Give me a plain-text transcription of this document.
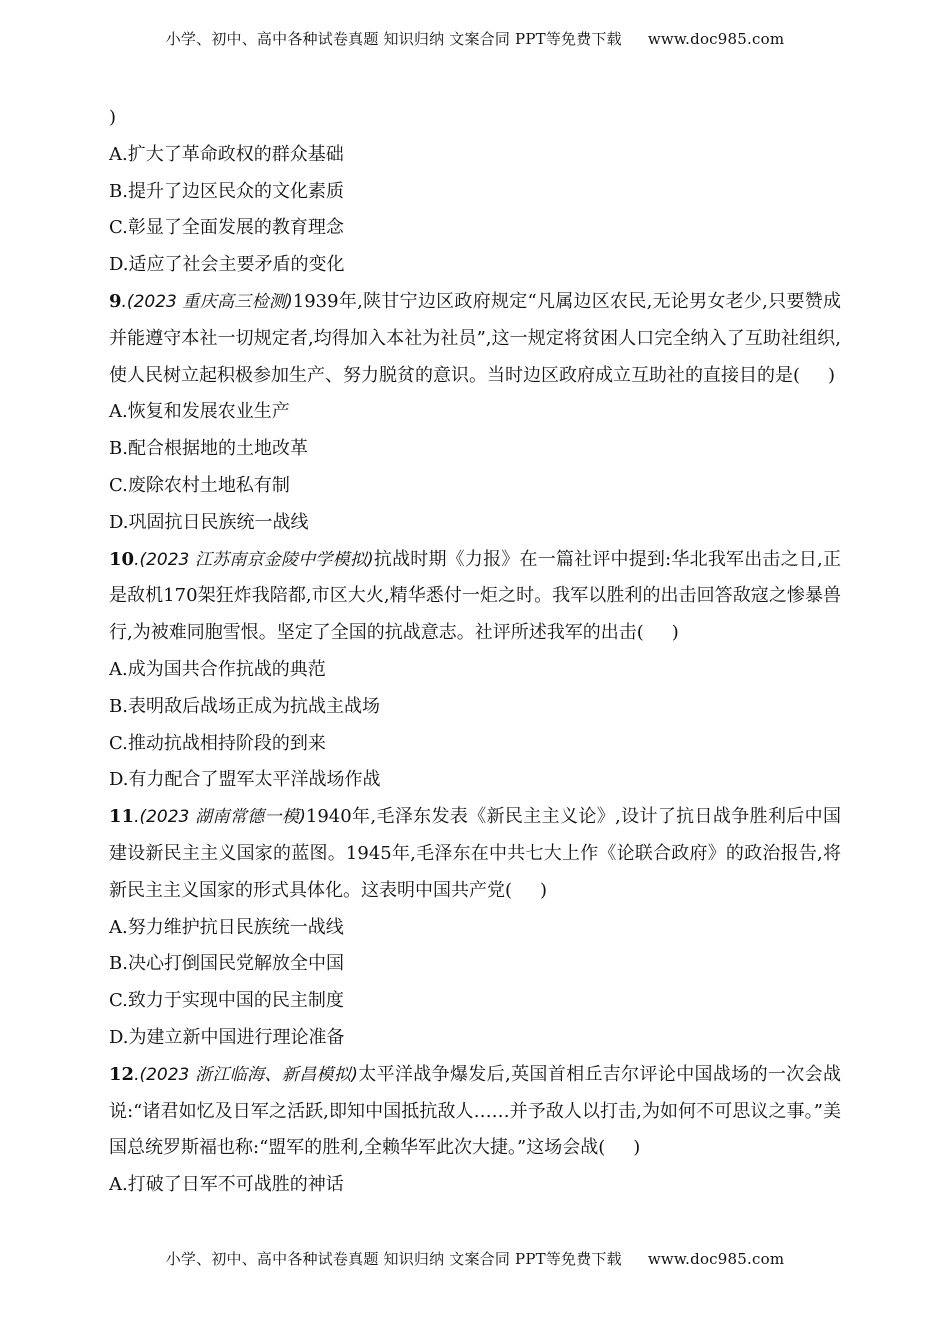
小学、初中、高中各种试卷真题 知识归纳 文案合同 PPT等免费下载 www.doc985.com
)
A.扩大了革命政权的群众基础
B.提升了边区民众的文化素质
C.彰显了全面发展的教育理念
D.适应了社会主要矛盾的变化
9.(2023 重庆高三检测)1939年,陕甘宁边区政府规定“凡属边区农民,无论男女老少,只要赞成并能遵守本社一切规定者,均得加入本社为社员”,这一规定将贫困人口完全纳入了互助社组织,使人民树立起积极参加生产、努力脱贫的意识。当时边区政府成立互助社的直接目的是( )
A.恢复和发展农业生产
B.配合根据地的土地改革
C.废除农村土地私有制
D.巩固抗日民族统一战线
10.(2023 江苏南京金陵中学模拟)抗战时期《力报》在一篇社评中提到:华北我军出击之日,正是敌机170架狂炸我陪都,市区大火,精华悉付一炬之时。我军以胜利的出击回答敌寇之惨暴兽行,为被难同胞雪恨。坚定了全国的抗战意志。社评所述我军的出击( )
A.成为国共合作抗战的典范
B.表明敌后战场正成为抗战主战场
C.推动抗战相持阶段的到来
D.有力配合了盟军太平洋战场作战
11.(2023 湖南常德一模)1940年,毛泽东发表《新民主主义论》,设计了抗日战争胜利后中国建设新民主主义国家的蓝图。1945年,毛泽东在中共七大上作《论联合政府》的政治报告,将新民主主义国家的形式具体化。这表明中国共产党( )
A.努力维护抗日民族统一战线
B.决心打倒国民党解放全中国
C.致力于实现中国的民主制度
D.为建立新中国进行理论准备
12.(2023 浙江临海、新昌模拟)太平洋战争爆发后,英国首相丘吉尔评论中国战场的一次会战说:“诸君如忆及日军之活跃,即知中国抵抗敌人……并予敌人以打击,为如何不可思议之事。”美国总统罗斯福也称:“盟军的胜利,全赖华军此次大捷。”这场会战( )
A.打破了日军不可战胜的神话
小学、初中、高中各种试卷真题 知识归纳 文案合同 PPT等免费下载 www.doc985.com
